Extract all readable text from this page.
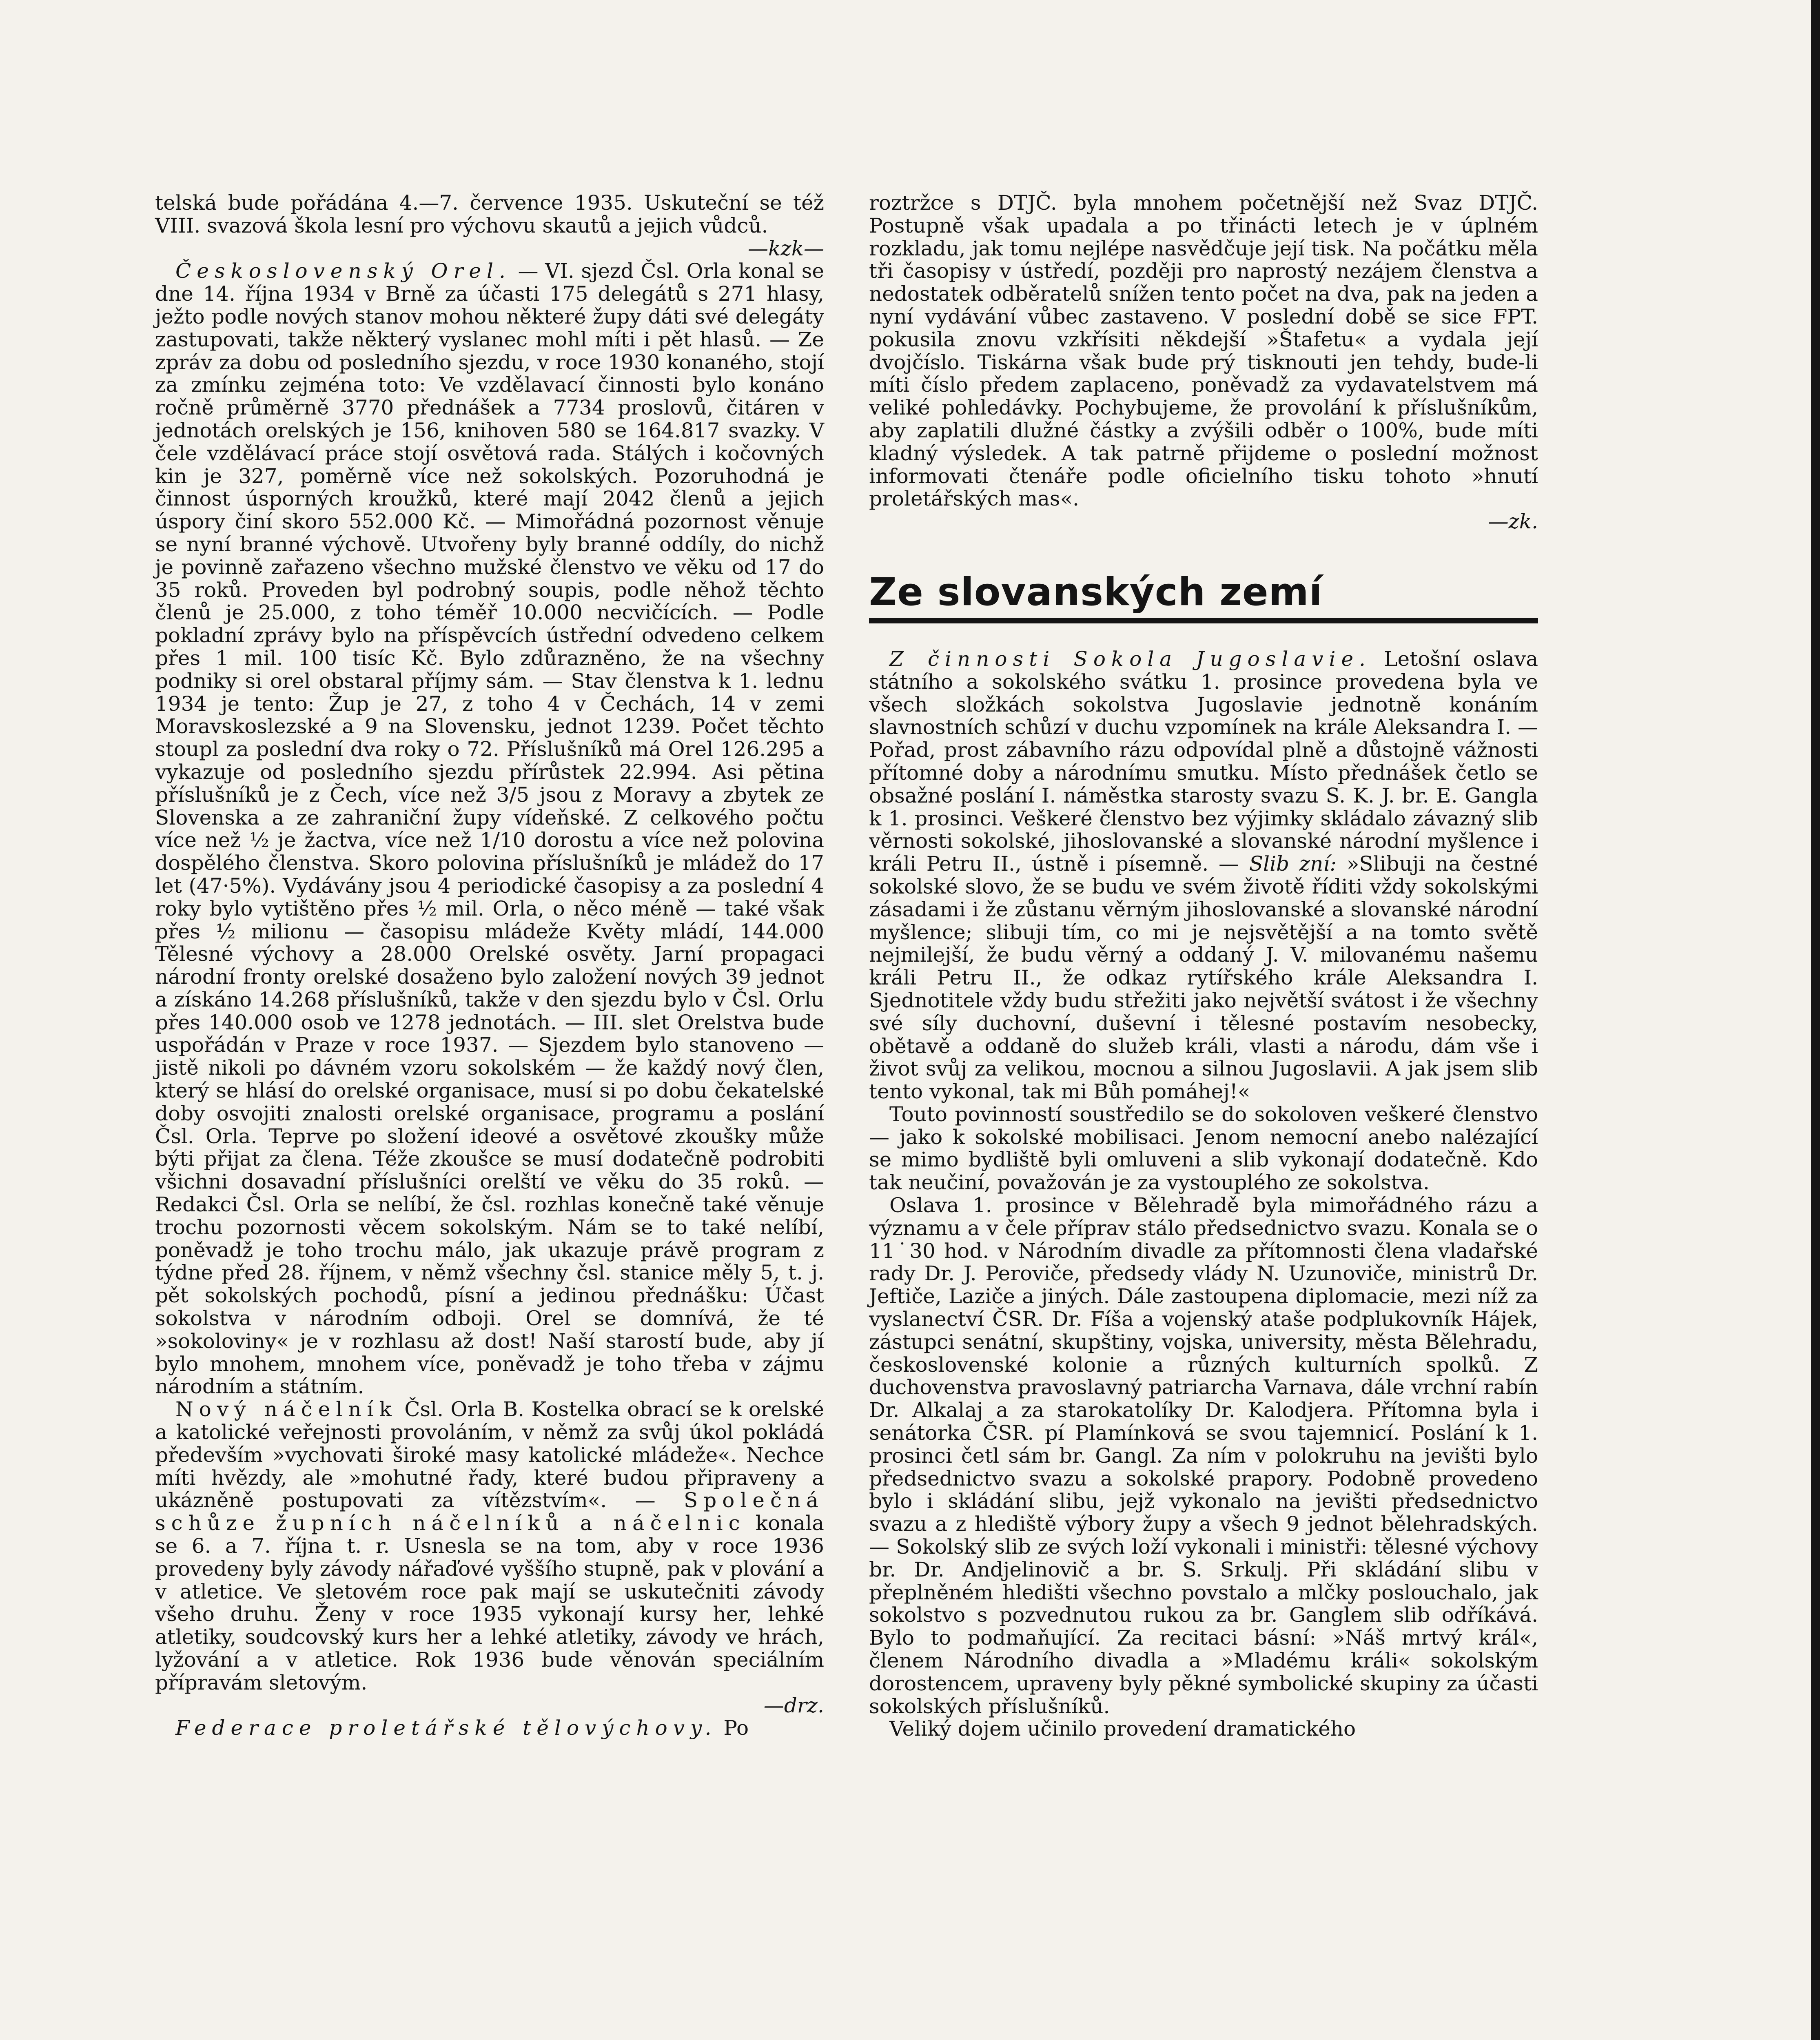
telská bude pořádána 4.—7. července 1935. Uskuteční se též VIII. svazová škola lesní pro výchovu skautů a jejich vůdců.
—kzk—

Československý Orel. — VI. sjezd Čsl. Orla konal se dne 14. října 1934 v Brně za účasti 175 delegátů s 271 hlasy, ježto podle nových stanov mohou některé župy dáti své delegáty zastupovati, takže některý vyslanec mohl míti i pět hlasů. — Ze zpráv za dobu od posledního sjezdu, v roce 1930 konaného, stojí za zmínku zejména toto: Ve vzdělavací činnosti bylo konáno ročně průměrně 3770 přednášek a 7734 proslovů, čitáren v jednotách orelských je 156, knihoven 580 se 164.817 svazky. V čele vzdělávací práce stojí osvětová rada. Stálých i kočovných kin je 327, poměrně více než sokolských. Pozoruhodná je činnost úsporných kroužků, které mají 2042 členů a jejich úspory činí skoro 552.000 Kč. — Mimořádná pozornost věnuje se nyní branné výchově. Utvořeny byly branné oddíly, do nichž je povinně zařazeno všechno mužské členstvo ve věku od 17 do 35 roků. Proveden byl podrobný soupis, podle něhož těchto členů je 25.000, z toho téměř 10.000 necvičících. — Podle pokladní zprávy bylo na příspěvcích ústřední odvedeno celkem přes 1 mil. 100 tisíc Kč. Bylo zdůrazněno, že na všechny podniky si orel obstaral příjmy sám. — Stav členstva k 1. lednu 1934 je tento: Žup je 27, z toho 4 v Čechách, 14 v zemi Moravskoslezské a 9 na Slovensku, jednot 1239. Počet těchto stoupl za poslední dva roky o 72. Příslušníků má Orel 126.295 a vykazuje od posledního sjezdu přírůstek 22.994. Asi pětina příslušníků je z Čech, více než 3/5 jsou z Moravy a zbytek ze Slovenska a ze zahraniční župy vídeňské. Z celkového počtu více než ½ je žactva, více než 1/10 dorostu a více než polovina dospělého členstva. Skoro polovina příslušníků je mládež do 17 let (47·5%). Vydávány jsou 4 periodické časopisy a za poslední 4 roky bylo vytištěno přes ½ mil. Orla, o něco méně — také však přes ½ milionu — časopisu mládeže Květy mládí, 144.000 Tělesné výchovy a 28.000 Orelské osvěty. Jarní propagaci národní fronty orelské dosaženo bylo založení nových 39 jednot a získáno 14.268 příslušníků, takže v den sjezdu bylo v Čsl. Orlu přes 140.000 osob ve 1278 jednotách. — III. slet Orelstva bude uspořádán v Praze v roce 1937. — Sjezdem bylo stanoveno — jistě nikoli po dávném vzoru sokolském — že každý nový člen, který se hlásí do orelské organisace, musí si po dobu čekatelské doby osvojiti znalosti orelské organisace, programu a poslání Čsl. Orla. Teprve po složení ideové a osvětové zkoušky může býti přijat za člena. Téže zkoušce se musí dodatečně podrobiti všichni dosavadní příslušníci orelští ve věku do 35 roků. — Redakci Čsl. Orla se nelíbí, že čsl. rozhlas konečně také věnuje trochu pozornosti věcem sokolským. Nám se to také nelíbí, poněvadž je toho trochu málo, jak ukazuje právě program z týdne před 28. říjnem, v němž všechny čsl. stanice měly 5, t. j. pět sokolských pochodů, písní a jedinou přednášku: Účast sokolstva v národním odboji. Orel se domnívá, že té »sokoloviny« je v rozhlasu až dost! Naší starostí bude, aby jí bylo mnohem, mnohem více, poněvadž je toho třeba v zájmu národním a státním.

Nový náčelník Čsl. Orla B. Kostelka obrací se k orelské a katolické veřejnosti provoláním, v němž za svůj úkol pokládá především »vychovati široké masy katolické mládeže«. Nechce míti hvězdy, ale »mohutné řady, které budou připraveny a ukázněně postupovati za vítězstvím«. — Společná schůze župních náčelníků a náčelnic konala se 6. a 7. října t. r. Usnesla se na tom, aby v roce 1936 provedeny byly závody nářaďové vyššího stupně, pak v plování a v atletice. Ve sletovém roce pak mají se uskutečniti závody všeho druhu. Ženy v roce 1935 vykonají kursy her, lehké atletiky, soudcovský kurs her a lehké atletiky, závody ve hrách, lyžování a v atletice. Rok 1936 bude věnován speciálním přípravám sletovým.
—drz.

Federace proletářské tělovýchovy. Po

roztržce s DTJČ. byla mnohem početnější než Svaz DTJČ. Postupně však upadala a po třinácti letech je v úplném rozkladu, jak tomu nejlépe nasvědčuje její tisk. Na počátku měla tři časopisy v ústředí, později pro naprostý nezájem členstva a nedostatek odběratelů snížen tento počet na dva, pak na jeden a nyní vydávání vůbec zastaveno. V poslední době se sice FPT. pokusila znovu vzkřísiti někdejší »Štafetu« a vydala její dvojčíslo. Tiskárna však bude prý tisknouti jen tehdy, bude-li míti číslo předem zaplaceno, poněvadž za vydavatelstvem má veliké pohledávky. Pochybujeme, že provolání k příslušníkům, aby zaplatili dlužné částky a zvýšili odběr o 100%, bude míti kladný výsledek. A tak patrně přijdeme o poslední možnost informovati čtenáře podle oficielního tisku tohoto »hnutí proletářských mas«.
—zk.

Ze slovanských zemí

Z činnosti Sokola Jugoslavie. Letošní oslava státního a sokolského svátku 1. prosince provedena byla ve všech složkách sokolstva Jugoslavie jednotně konáním slavnostních schůzí v duchu vzpomínek na krále Aleksandra I. — Pořad, prost zábavního rázu odpovídal plně a důstojně vážnosti přítomné doby a národnímu smutku. Místo přednášek četlo se obsažné poslání I. náměstka starosty svazu S. K. J. br. E. Gangla k 1. prosinci. Veškeré členstvo bez výjimky skládalo závazný slib věrnosti sokolské, jihoslovanské a slovanské národní myšlence i králi Petru II., ústně i písemně. — Slib zní: »Slibuji na čestné sokolské slovo, že se budu ve svém životě říditi vždy sokolskými zásadami i že zůstanu věrným jihoslovanské a slovanské národní myšlence; slibuji tím, co mi je nejsvětější a na tomto světě nejmilejší, že budu věrný a oddaný J. V. milovanému našemu králi Petru II., že odkaz rytířského krále Aleksandra I. Sjednotitele vždy budu střežiti jako největší svátost i že všechny své síly duchovní, duševní i tělesné postavím nesobecky, obětavě a oddaně do služeb králi, vlasti a národu, dám vše i život svůj za velikou, mocnou a silnou Jugoslavii. A jak jsem slib tento vykonal, tak mi Bůh pomáhej!«

Touto povinností soustředilo se do sokoloven veškeré členstvo — jako k sokolské mobilisaci. Jenom nemocní anebo nalézající se mimo bydliště byli omluveni a slib vykonají dodatečně. Kdo tak neučiní, považován je za vystouplého ze sokolstva.

Oslava 1. prosince v Bělehradě byla mimořádného rázu a významu a v čele příprav stálo předsednictvo svazu. Konala se o 11˙30 hod. v Národním divadle za přítomnosti člena vladařské rady Dr. J. Peroviče, předsedy vlády N. Uzunoviče, ministrů Dr. Jeftiče, Laziče a jiných. Dále zastoupena diplomacie, mezi níž za vyslanectví ČSR. Dr. Fíša a vojenský ataše podplukovník Hájek, zástupci senátní, skupštiny, vojska, university, města Bělehradu, československé kolonie a různých kulturních spolků. Z duchovenstva pravoslavný patriarcha Varnava, dále vrchní rabín Dr. Alkalaj a za starokatolíky Dr. Kalodjera. Přítomna byla i senátorka ČSR. pí Plamínková se svou tajemnicí. Poslání k 1. prosinci četl sám br. Gangl. Za ním v polokruhu na jevišti bylo předsednictvo svazu a sokolské prapory. Podobně provedeno bylo i skládání slibu, jejž vykonalo na jevišti předsednictvo svazu a z hlediště výbory župy a všech 9 jednot bělehradských. — Sokolský slib ze svých loží vykonali i ministři: tělesné výchovy br. Dr. Andjelinovič a br. S. Srkulj. Při skládání slibu v přeplněném hledišti všechno povstalo a mlčky poslouchalo, jak sokolstvo s pozvednutou rukou za br. Ganglem slib odříkává. Bylo to podmaňující. Za recitaci básní: »Náš mrtvý král«, členem Národního divadla a »Mladému králi« sokolským dorostencem, upraveny byly pěkné symbolické skupiny za účasti sokolských příslušníků.

Veliký dojem učinilo provedení dramatického
